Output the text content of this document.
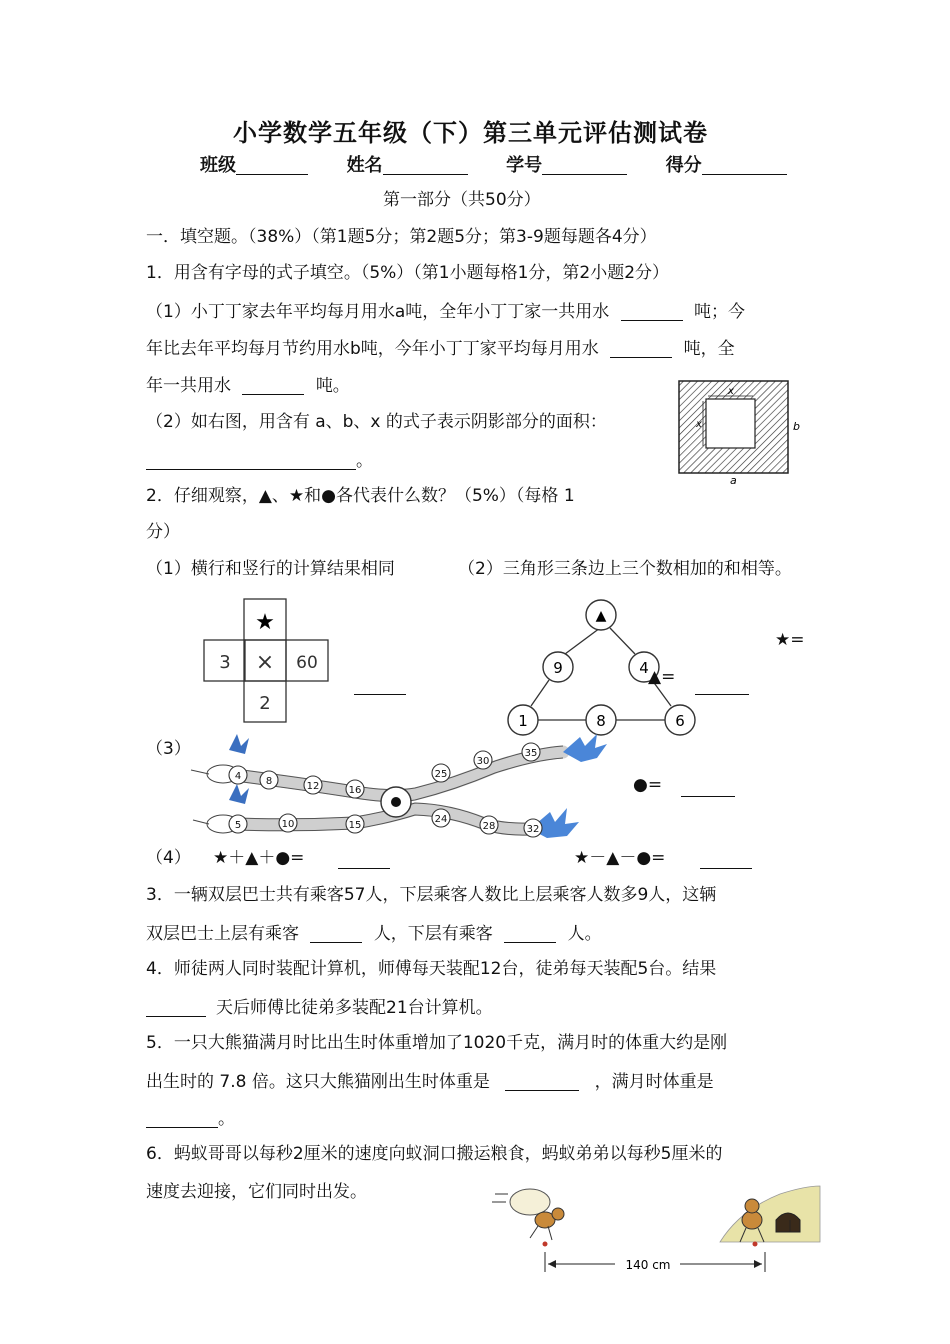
小学数学五年级（下）第三单元评估测试卷
班级	姓名	学号	得分
第一部分（共50分）
一．填空题。（38%）（第1题5分；第2题5分；第3-9题每题各4分）
1．用含有字母的式子填空。（5%）（第1小题每格1分，第2小题2分）
（1）小丁丁家去年平均每月用水a吨，全年小丁丁家一共用水	吨；今
年比去年平均每月节约用水b吨，今年小丁丁家平均每月用水	吨，全
年一共用水	吨。
（2）如右图，用含有 a、b、x 的式子表示阴影部分的面积：
。
x
x	b
a
2．仔细观察，▲、★和●各代表什么数？（5%）（每格 1
分）
（1）横行和竖行的计算结果相同	（2）三角形三条边上三个数相加的和相等。
★
3 × 60
2
▲
9	4
1	8	6
★=
▲=
（3）
4 8	12	16
25
30
35
5	10	15
24
28	32
●=
（4） ★＋▲＋●=	★－▲－●=
3．一辆双层巴士共有乘客57人，下层乘客人数比上层乘客人数多9人，这辆
双层巴士上层有乘客	人，下层有乘客	人。
4．师徒两人同时装配计算机，师傅每天装配12台，徒弟每天装配5台。结果
天后师傅比徒弟多装配21台计算机。
5．一只大熊猫满月时比出生时体重增加了1020千克，满月时的体重大约是刚
出生时的 7.8 倍。这只大熊猫刚出生时体重是	，满月时体重是
。
6．蚂蚁哥哥以每秒2厘米的速度向蚁洞口搬运粮食，蚂蚁弟弟以每秒5厘米的
速度去迎接，它们同时出发。
140 cm
